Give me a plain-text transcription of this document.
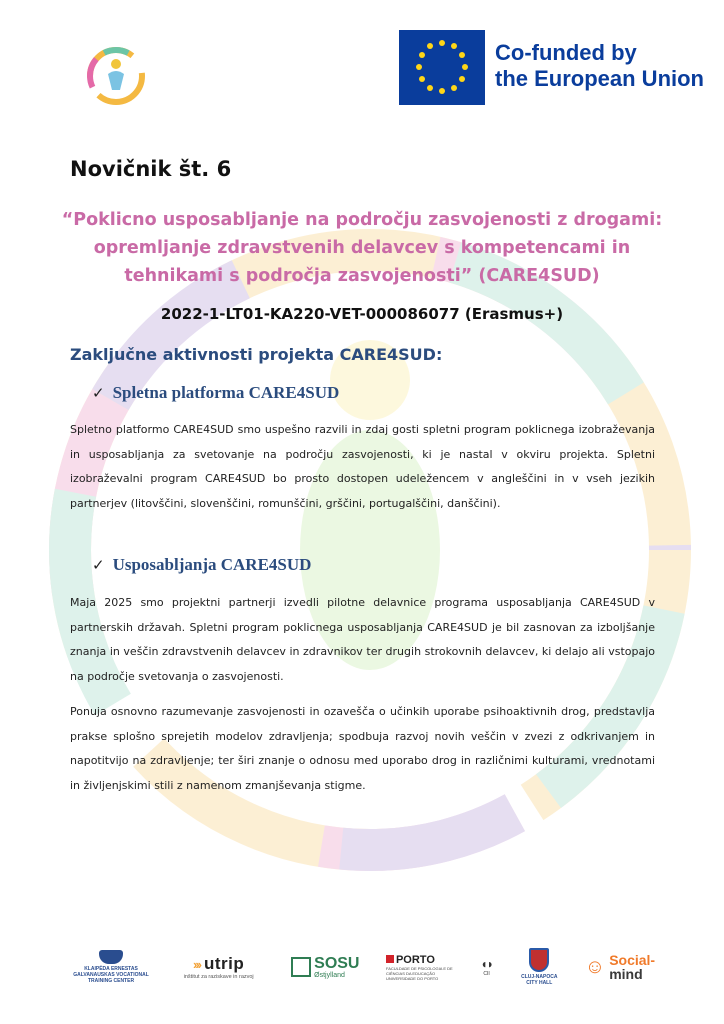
Co-funded by
the European Union
Novičnik št. 6

“Poklicno usposabljanje na področju zasvojenosti z drogami: opremljanje zdravstvenih delavcev s kompetencami in tehnikami s področja zasvojenosti” (CARE4SUD)

2022-1-LT01-KA220-VET-000086077 (Erasmus+)
Zaključne aktivnosti projekta CARE4SUD:
✓ Spletna platforma CARE4SUD

Spletno platformo CARE4SUD smo uspešno razvili in zdaj gosti spletni program poklicnega izobraževanja in usposabljanja za svetovanje na področju zasvojenosti, ki je nastal v okviru projekta. Spletni izobraževalni program CARE4SUD bo prosto dostopen udeležencem v angleščini in v vseh jezikih partnerjev (litovščini, slovenščini, romunščini, grščini, portugalščini, danščini).

✓ Usposabljanja CARE4SUD

Maja 2025 smo projektni partnerji izvedli pilotne delavnice programa usposabljanja CARE4SUD v partnerskih državah. Spletni program poklicnega usposabljanja CARE4SUD je bil zasnovan za izboljšanje znanja in veščin zdravstvenih delavcev in zdravnikov ter drugih strokovnih delavcev, ki delajo ali vstopajo na področje svetovanja o zasvojenosti.

Ponuja osnovno razumevanje zasvojenosti in ozavešča o učinkih uporabe psihoaktivnih drog, predstavlja prakse splošno sprejetih modelov zdravljenja; spodbuja razvoj novih veščin v zvezi z odkrivanjem in napotitvijo na zdravljenje; ter širi znanje o odnosu med uporabo drog in različnimi kulturami, vrednotami in življenjskimi stili z namenom zmanjševanja stigme.

KLAIPĖDA ERNESTAS GALVANAUSKAS VOCATIONAL TRAINING CENTER
››› utrip
inštitut za raziskave in razvoj
SOSU
Østjylland
PORTO
FACULDADE DE PSICOLOGIA E DE CIÊNCIAS DA EDUCAÇÃO UNIVERSIDADE DO PORTO
◖◗
CII	CLUJ-NAPOCA CITY HALL
☺ Social-
mind
